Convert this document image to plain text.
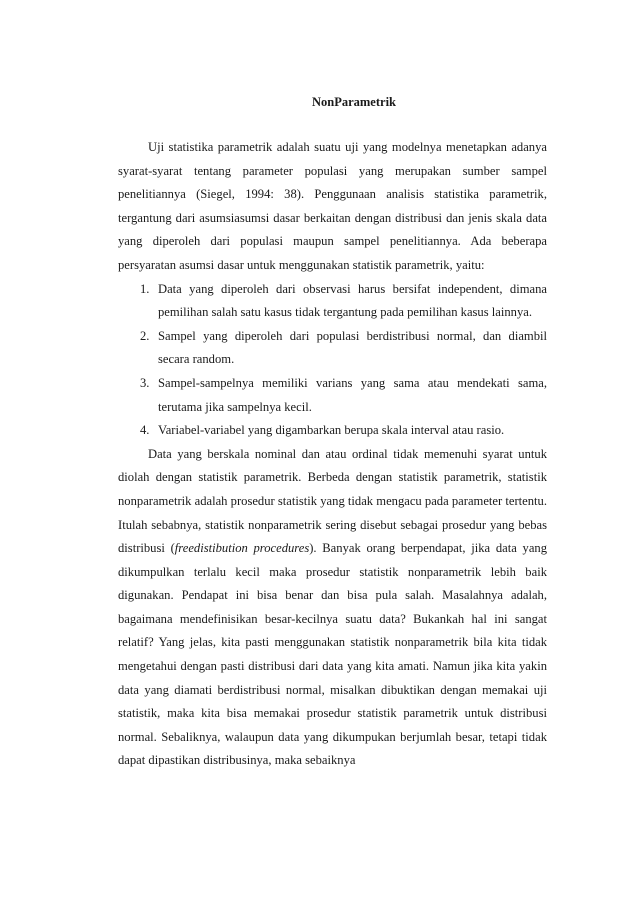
NonParametrik

Uji statistika parametrik adalah suatu uji yang modelnya menetapkan adanya syarat-syarat tentang parameter populasi yang merupakan sumber sampel penelitiannya (Siegel, 1994: 38). Penggunaan analisis statistika parametrik, tergantung dari asumsiasumsi dasar berkaitan dengan distribusi dan jenis skala data yang diperoleh dari populasi maupun sampel penelitiannya. Ada beberapa persyaratan asumsi dasar untuk menggunakan statistik parametrik, yaitu:

1. Data yang diperoleh dari observasi harus bersifat independent, dimana pemilihan salah satu kasus tidak tergantung pada pemilihan kasus lainnya.
2. Sampel yang diperoleh dari populasi berdistribusi normal, dan diambil secara random.
3. Sampel-sampelnya memiliki varians yang sama atau mendekati sama, terutama jika sampelnya kecil.
4. Variabel-variabel yang digambarkan berupa skala interval atau rasio.

Data yang berskala nominal dan atau ordinal tidak memenuhi syarat untuk diolah dengan statistik parametrik. Berbeda dengan statistik parametrik, statistik nonparametrik adalah prosedur statistik yang tidak mengacu pada parameter tertentu. Itulah sebabnya, statistik nonparametrik sering disebut sebagai prosedur yang bebas distribusi (freedistibution procedures). Banyak orang berpendapat, jika data yang dikumpulkan terlalu kecil maka prosedur statistik nonparametrik lebih baik digunakan. Pendapat ini bisa benar dan bisa pula salah. Masalahnya adalah, bagaimana mendefinisikan besar-kecilnya suatu data? Bukankah hal ini sangat relatif? Yang jelas, kita pasti menggunakan statistik nonparametrik bila kita tidak mengetahui dengan pasti distribusi dari data yang kita amati. Namun jika kita yakin data yang diamati berdistribusi normal, misalkan dibuktikan dengan memakai uji statistik, maka kita bisa memakai prosedur statistik parametrik untuk distribusi normal. Sebaliknya, walaupun data yang dikumpukan berjumlah besar, tetapi tidak dapat dipastikan distribusinya, maka sebaiknya
